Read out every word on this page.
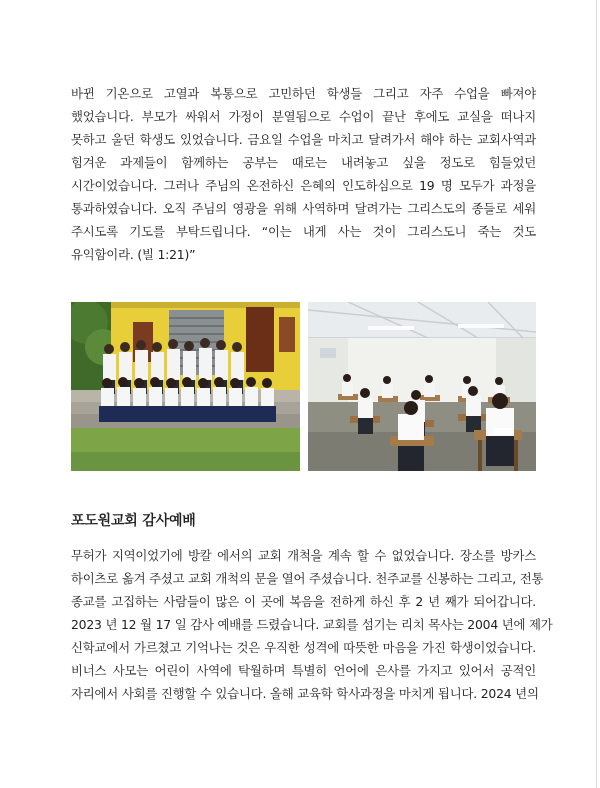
바뀐 기온으로 고열과 복통으로 고민하던 학생들 그리고 자주 수업을 빠져야
했었습니다. 부모가 싸워서 가정이 분열됨으로 수업이 끝난 후에도 교실을 떠나지
못하고 울던 학생도 있었습니다. 금요일 수업을 마치고 달려가서 해야 하는 교회사역과
힘겨운 과제들이 함께하는 공부는 때로는 내려놓고 싶을 정도로 힘들었던
시간이었습니다. 그러나 주님의 온전하신 은혜의 인도하심으로 19 명 모두가 과정을
통과하였습니다. 오직 주님의 영광을 위해 사역하며 달려가는 그리스도의 종들로 세워
주시도록 기도를 부탁드립니다. “이는 내게 사는 것이 그리스도니 죽는 것도
유익함이라. (빌 1:21)”

포도원교회 감사예배

무허가 지역이었기에 방칼 에서의 교회 개척을 계속 할 수 없었습니다. 장소를 방카스
하이츠로 옮겨 주셨고 교회 개척의 문을 열어 주셨습니다. 천주교를 신봉하는 그리고, 전통
종교를 고집하는 사람들이 많은 이 곳에 복음을 전하게 하신 후 2 년 째가 되어갑니다.
2023 년 12 월 17 일 감사 예배를 드렸습니다. 교회를 섬기는 리치 목사는 2004 년에 제가
신학교에서 가르쳤고 기억나는 것은 우직한 성격에 따뜻한 마음을 가진 학생이었습니다.
비너스 사모는 어린이 사역에 탁월하며 특별히 언어에 은사를 가지고 있어서 공적인
자리에서 사회를 진행할 수 있습니다. 올해 교육학 학사과정을 마치게 됩니다. 2024 년의
